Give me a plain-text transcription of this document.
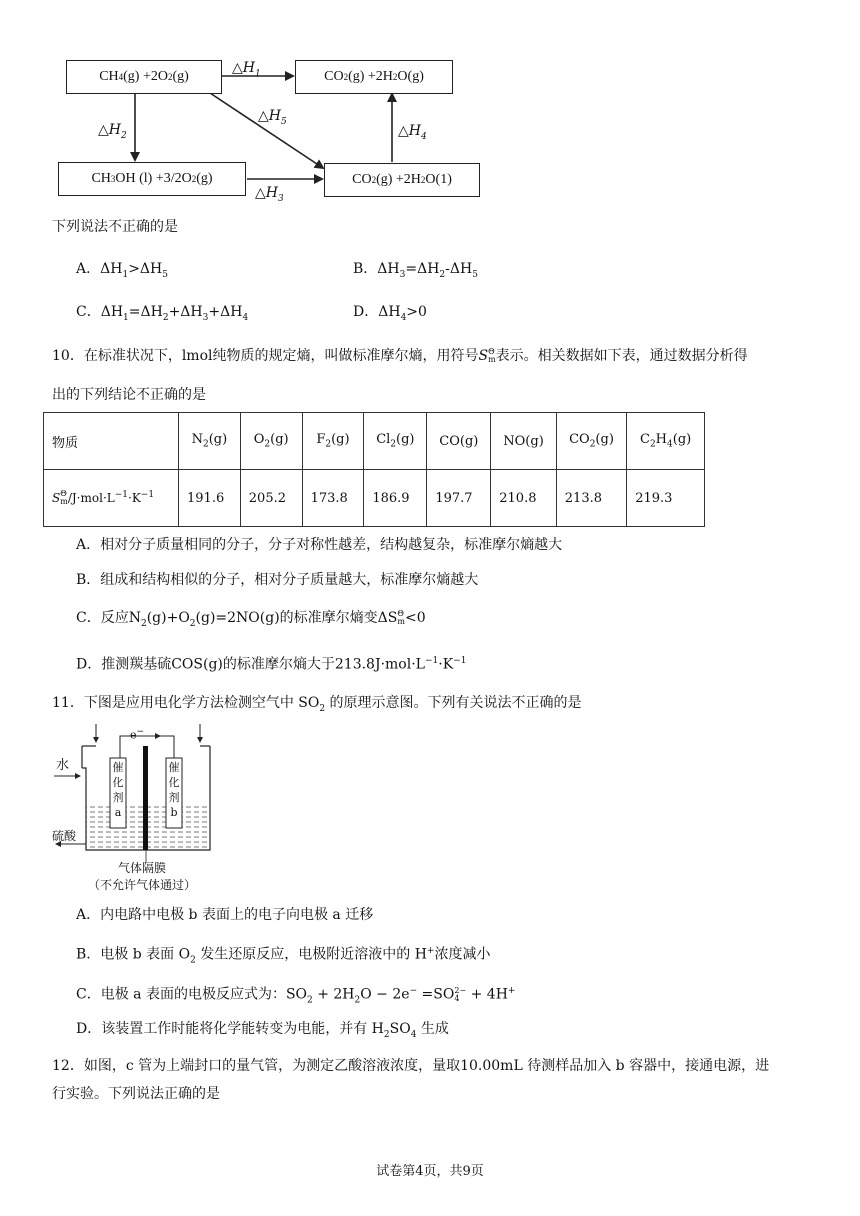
CH 4 (g) +2O 2 (g)	CO 2 (g) +2H 2 O(g)
CH 3 OH (l) +3/2O 2 (g)	CO 2 (g) +2H 2 O(1)
$\triangle H_1$
$\triangle H_2$
$\triangle H_3$
$\triangle H_4$
$\triangle H_5$
下列说法不正确的是
A．$\Delta H_1>\Delta H_5$	B．$\Delta H_3=\Delta H_2-\Delta H_5$
C．$\Delta H_1=\Delta H_2+\Delta H_3+\Delta H_4$	D．$\Delta H_4>0$
10．在标准状况下，lmol纯物质的规定熵，叫做标准摩尔熵，用符号S Θ
m 表示。相关数据如下表，通过数据分析得
出的下列结论不正确的是
物质	$N_2(g)$	$O_2(g)$	$F_2(g)$	$Cl_2(g)$	CO(g)	NO(g)	$CO_2(g)$	$C_2H_4(g)$
S Θ
m $/J\cdot mol\cdot L^{-1}\cdot K^{-1}$	191.6	205.2	173.8	186.9	197.7	210.8	213.8	219.3
A．相对分子质量相同的分子，分子对称性越差，结构越复杂，标准摩尔熵越大
B．组成和结构相似的分子，相对分子质量越大，标准摩尔熵越大
C．反应$N_2(g)+O_2(g)=2NO(g)$的标准摩尔熵变ΔS Θ
m <0
D．推测羰基硫COS(g)的标准摩尔熵大于$213.8J\cdot mol\cdot L^{-1}\cdot K^{-1}$
11．下图是应用电化学方法检测空气中 $SO_2$ 的原理示意图。下列有关说法不正确的是
e−
水
硫酸
催
化
剂
a
催
化
剂
b
气体隔膜
（不允许气体通过）
A．内电路中电极 b 表面上的电子向电极 a 迁移
B．电极 b 表面 $O_2$ 发生还原反应，电极附近溶液中的 H+浓度减小
C．电极 a 表面的电极反应式为：$SO_2 + 2H_2O - 2e^- =SO$ 2−
4 + 4H+
D．该装置工作时能将化学能转变为电能，并有 $H_2SO_4$ 生成
12．如图，c 管为上端封口的量气管，为测定乙酸溶液浓度，量取10.00mL 待测样品加入 b 容器中，接通电源，进
行实验。下列说法正确的是
试卷第4页，共9页
